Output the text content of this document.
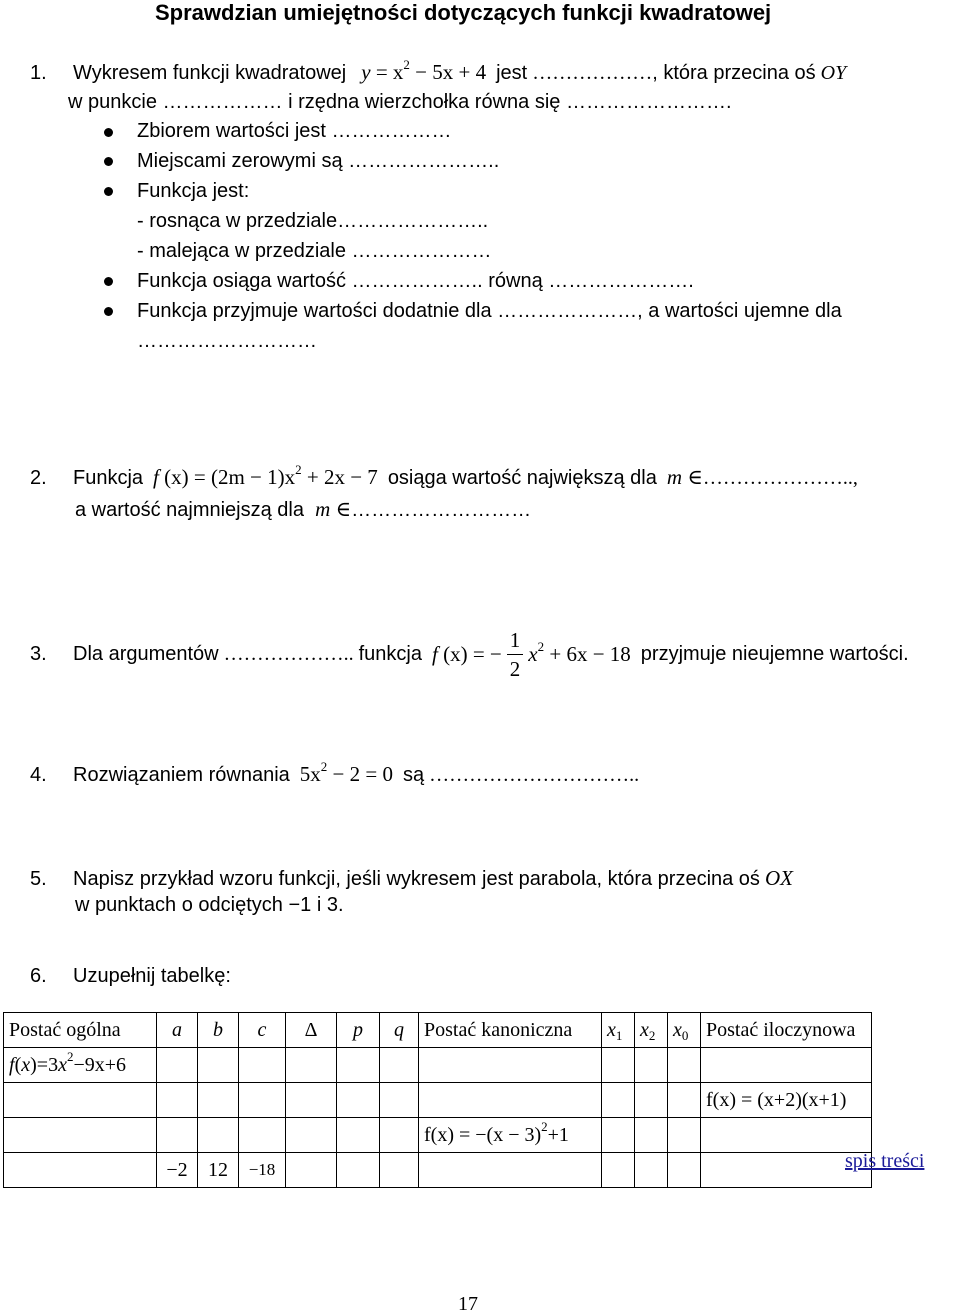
Sprawdzian umiejętności dotyczących funkcji kwadratowej
1. Wykresem funkcji kwadratowej $y = x^2 - 5x + 4$ jest ………………, która przecina oś OY
w punkcie ……………… i rzędna wierzchołka równa się …………………….
Zbiorem wartości jest ………………
Miejscami zerowymi są …………………..
Funkcja jest:
- rosnąca w przedziale…………………..
- malejąca w przedziale …………………
Funkcja osiąga wartość ……………….. równą ………………….
Funkcja przyjmuje wartości dodatnie dla …………………, a wartości ujemne dla
………………………
2. Funkcja f $(x) = (2m - 1)x^2 + 2x - 7$ osiąga wartość największą dla m ∈…………………..,
a wartość najmniejszą dla m ∈………………………
3. Dla argumentów ……………….. funkcja f (x) = − $\frac{1}{2} x^2 + 6x - 18$ przyjmuje nieujemne wartości.
4. Rozwiązaniem równania $5x^2 - 2 = 0$ są …………………………..
5. Napisz przykład wzoru funkcji, jeśli wykresem jest parabola, która przecina oś OX
w punktach o odciętych −1 i 3.
6. Uzupełnij tabelkę:
Postać ogólna	a	b	c	Δ	p	q	Postać kanoniczna	$x_1$	$x_2$	$x_0$	Postać iloczynowa
$f(x)=3x^2-9x+6$											
											f(x) = (x+2)(x+1)
							$f(x) = -(x - 3)^2+1$				
	−2	12	−18									spis treści
17
